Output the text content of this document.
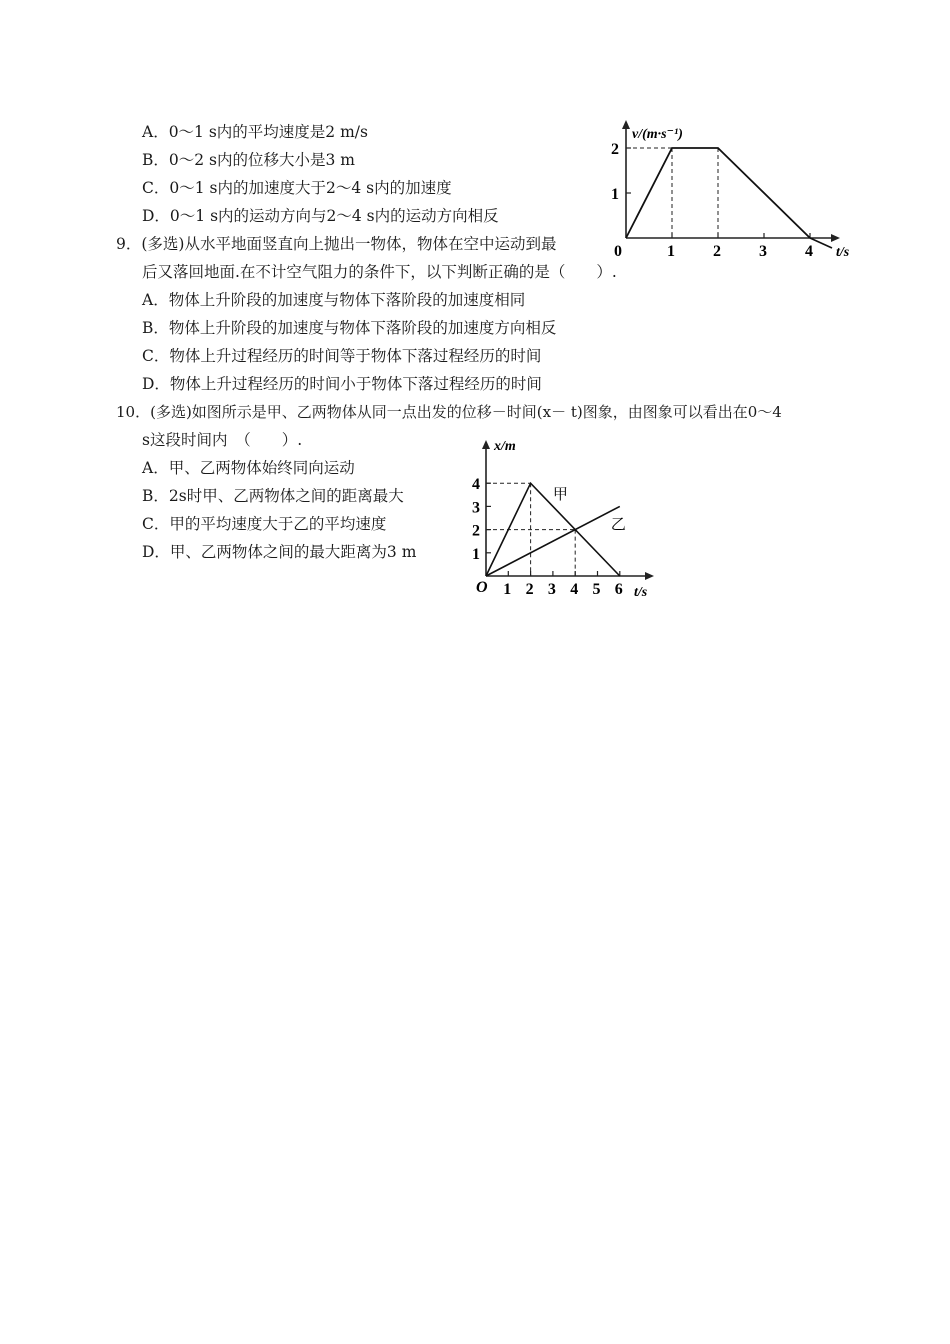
A．0～1 s内的平均速度是2 m/s
B．0～2 s内的位移大小是3 m
C．0～1 s内的加速度大于2～4 s内的加速度
D．0～1 s内的运动方向与2～4 s内的运动方向相反
9．(多选)从水平地面竖直向上抛出一物体，物体在空中运动到最
后又落回地面.在不计空气阻力的条件下，以下判断正确的是（　　）.
A．物体上升阶段的加速度与物体下落阶段的加速度相同
B．物体上升阶段的加速度与物体下落阶段的加速度方向相反
C．物体上升过程经历的时间等于物体下落过程经历的时间
D．物体上升过程经历的时间小于物体下落过程经历的时间
10．(多选)如图所示是甲、乙两物体从同一点出发的位移－时间(x－ t)图象，由图象可以看出在0～4
s这段时间内　（　　）.
A．甲、乙两物体始终同向运动
B．2s时甲、乙两物体之间的距离最大
C．甲的平均速度大于乙的平均速度
D．甲、乙两物体之间的最大距离为3 m
0	1 2 3 4
1
2
t/s
v/(m·s⁻¹)
甲
乙
1 2 3 4 5 6
1
2
3
4
O	t/s
x/m
